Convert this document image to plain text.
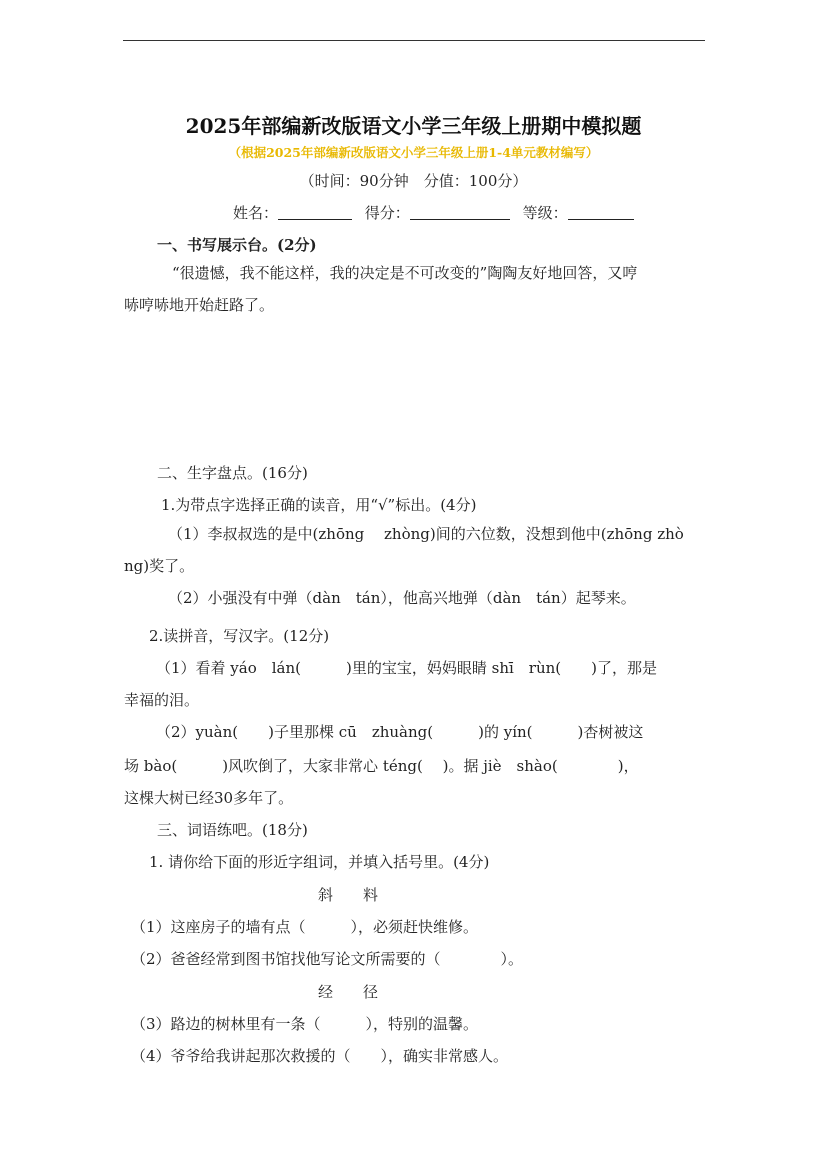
2025年部编新改版语文小学三年级上册期中模拟题
（根据2025年部编新改版语文小学三年级上册1-4单元教材编写）
（时间：90分钟　分值：100分）
姓名：	得分：	等级：
一、书写展示台。(2分)
“很遗憾，我不能这样，我的决定是不可改变的”陶陶友好地回答，又哼
哧哼哧地开始赶路了。
二、生字盘点。(16分)
1.为带点字选择正确的读音，用“√”标出。(4分)
（1）李叔叔选的是中(zhōng　 zhòng)间的六位数，没想到他中(zhōng zhò
ng)奖了。
（2）小强没有中弹（dàn　tán），他高兴地弹（dàn　tán）起琴来。
2.读拼音，写汉字。(12分)
（1）看着 yáo　lán(　　　)里的宝宝，妈妈眼睛 shī　rùn(　　)了，那是
幸福的泪。
（2）yuàn(　　)子里那棵 cū　zhuàng(　　　)的 yín(　　　)杏树被这
场 bào(　　　)风吹倒了，大家非常心 téng(　 )。据 jiè　shào(　　　　)，
这棵大树已经30多年了。
三、词语练吧。(18分)
1. 请你给下面的形近字组词，并填入括号里。(4分)
斜　　料
（1）这座房子的墙有点（　　　），必须赶快维修。
（2）爸爸经常到图书馆找他写论文所需要的（　　　　）。
经　　径
（3）路边的树林里有一条（　　　），特别的温馨。
（4）爷爷给我讲起那次救援的（　　），确实非常感人。
